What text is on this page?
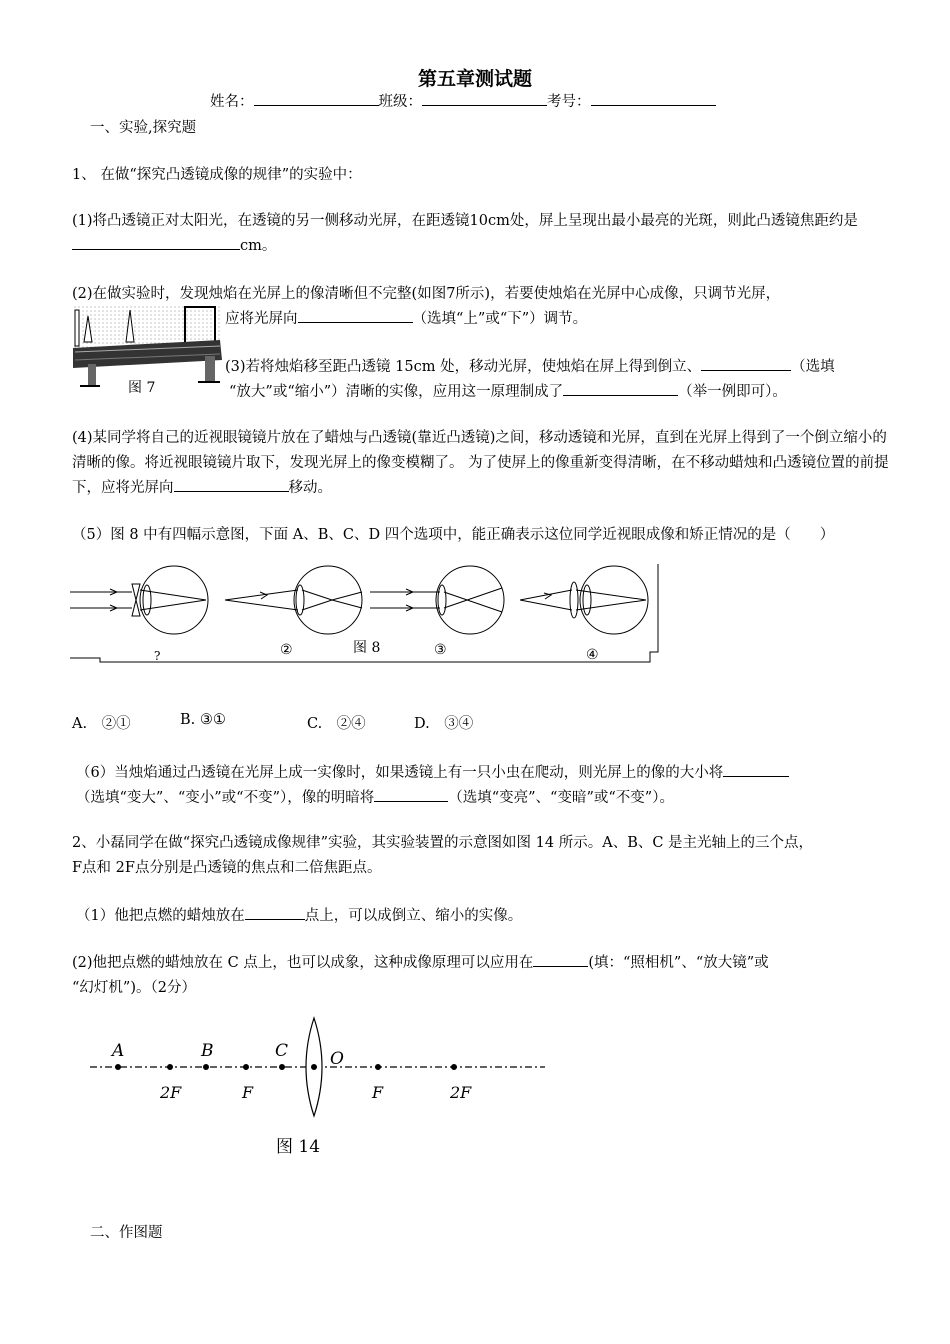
第五章测试题
姓名：	班级：	考号：
一、实验,探究题
1、 在做“探究凸透镜成像的规律”的实验中：
(1)将凸透镜正对太阳光，在透镜的另一侧移动光屏，在距透镜10cm处，屏上呈现出最小最亮的光斑，则此凸透镜焦距约是cm。
(2)在做实验时，发现烛焰在光屏上的像清晰但不完整(如图7所示)，若要使烛焰在光屏中心成像，只调节光屏，
图 7
应将光屏向	（选填“上”或“下”）调节。
(3)若将烛焰移至距凸透镜 15cm 处，移动光屏，使烛焰在屏上得到倒立、	（选填
“放大”或“缩小”）清晰的实像，应用这一原理制成了	（举一例即可）。
(4)某同学将自己的近视眼镜镜片放在了蜡烛与凸透镜(靠近凸透镜)之间，移动透镜和光屏，直到在光屏上得到了一个倒立缩小的清晰的像。将近视眼镜镜片取下，发现光屏上的像变模糊了。 为了使屏上的像重新变得清晰，在不移动蜡烛和凸透镜位置的前提下，应将光屏向	移动。
（5）图 8 中有四幅示意图，下面 A、B、C、D 四个选项中，能正确表示这位同学近视眼成像和矫正情况的是（　　）
?	②	图 8	③	④
A.　②①	B. ③①	C.　②④	D.　③④
（6）当烛焰通过凸透镜在光屏上成一实像时，如果透镜上有一只小虫在爬动，则光屏上的像的大小将
（选填“变大”、“变小”或“不变”），像的明暗将	（选填“变亮”、“变暗”或“不变”）。
2、小磊同学在做“探究凸透镜成像规律”实验，其实验装置的示意图如图 14 所示。A、B、C 是主光轴上的三个点，
F点和 2F点分别是凸透镜的焦点和二倍焦距点。
（1）他把点燃的蜡烛放在	点上，可以成倒立、缩小的实像。
(2)他把点燃的蜡烛放在 C 点上，也可以成象，这种成像原理可以应用在	(填：“照相机”、“放大镜”或
“幻灯机”)。（2分）
A	B	C O
2F	F	F	2F
图 14
二、作图题
